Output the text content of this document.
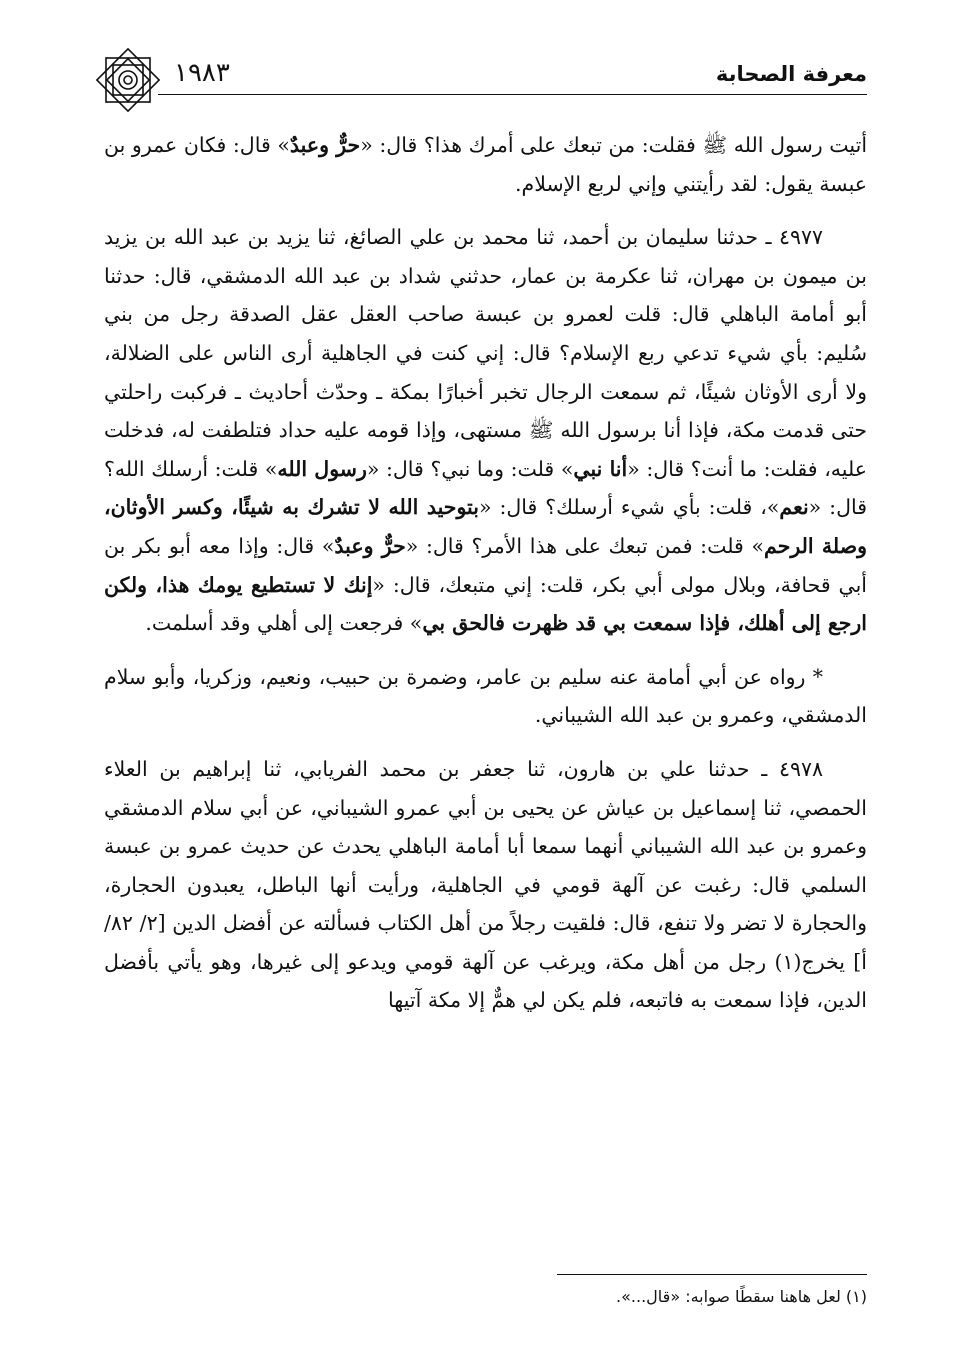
معرفة الصحابة
١٩٨٣

أتيت رسول الله ﷺ فقلت: من تبعك على أمرك هذا؟ قال: «حرٌّ وعبدٌ» قال: فكان عمرو بن عبسة يقول: لقد رأيتني وإني لربع الإسلام.

٤٩٧٧ ـ حدثنا سليمان بن أحمد، ثنا محمد بن علي الصائغ، ثنا يزيد بن عبد الله بن يزيد بن ميمون بن مهران، ثنا عكرمة بن عمار، حدثني شداد بن عبد الله الدمشقي، قال: حدثنا أبو أمامة الباهلي قال: قلت لعمرو بن عبسة صاحب العقل عقل الصدقة رجل من بني سُليم: بأي شيء تدعي ربع الإسلام؟ قال: إني كنت في الجاهلية أرى الناس على الضلالة، ولا أرى الأوثان شيئًا، ثم سمعت الرجال تخبر أخبارًا بمكة ـ وحدّث أحاديث ـ فركبت راحلتي حتى قدمت مكة، فإذا أنا برسول الله ﷺ مستهى، وإذا قومه عليه حداد فتلطفت له، فدخلت عليه، فقلت: ما أنت؟ قال: «أنا نبي» قلت: وما نبي؟ قال: «رسول الله» قلت: أرسلك الله؟ قال: «نعم»، قلت: بأي شيء أرسلك؟ قال: «بتوحيد الله لا تشرك به شيئًا، وكسر الأوثان، وصلة الرحم» قلت: فمن تبعك على هذا الأمر؟ قال: «حرٌّ وعبدٌ» قال: وإذا معه أبو بكر بن أبي قحافة، وبلال مولى أبي بكر، قلت: إني متبعك، قال: «إنك لا تستطيع يومك هذا، ولكن ارجع إلى أهلك، فإذا سمعت بي قد ظهرت فالحق بي» فرجعت إلى أهلي وقد أسلمت.

* رواه عن أبي أمامة عنه سليم بن عامر، وضمرة بن حبيب، ونعيم، وزكريا، وأبو سلام الدمشقي، وعمرو بن عبد الله الشيباني.

٤٩٧٨ ـ حدثنا علي بن هارون، ثنا جعفر بن محمد الفريابي، ثنا إبراهيم بن العلاء الحمصي، ثنا إسماعيل بن عياش عن يحيى بن أبي عمرو الشيباني، عن أبي سلام الدمشقي وعمرو بن عبد الله الشيباني أنهما سمعا أبا أمامة الباهلي يحدث عن حديث عمرو بن عبسة السلمي قال: رغبت عن آلهة قومي في الجاهلية، ورأيت أنها الباطل، يعبدون الحجارة، والحجارة لا تضر ولا تنفع، قال: فلقيت رجلاً من أهل الكتاب فسألته عن أفضل الدين [٢/ ٨٢/ أ] يخرج(١) رجل من أهل مكة، ويرغب عن آلهة قومي ويدعو إلى غيرها، وهو يأتي بأفضل الدين، فإذا سمعت به فاتبعه، فلم يكن لي همٌّ إلا مكة آتيها

(١) لعل هاهنا سقطًا صوابه: «قال...».
